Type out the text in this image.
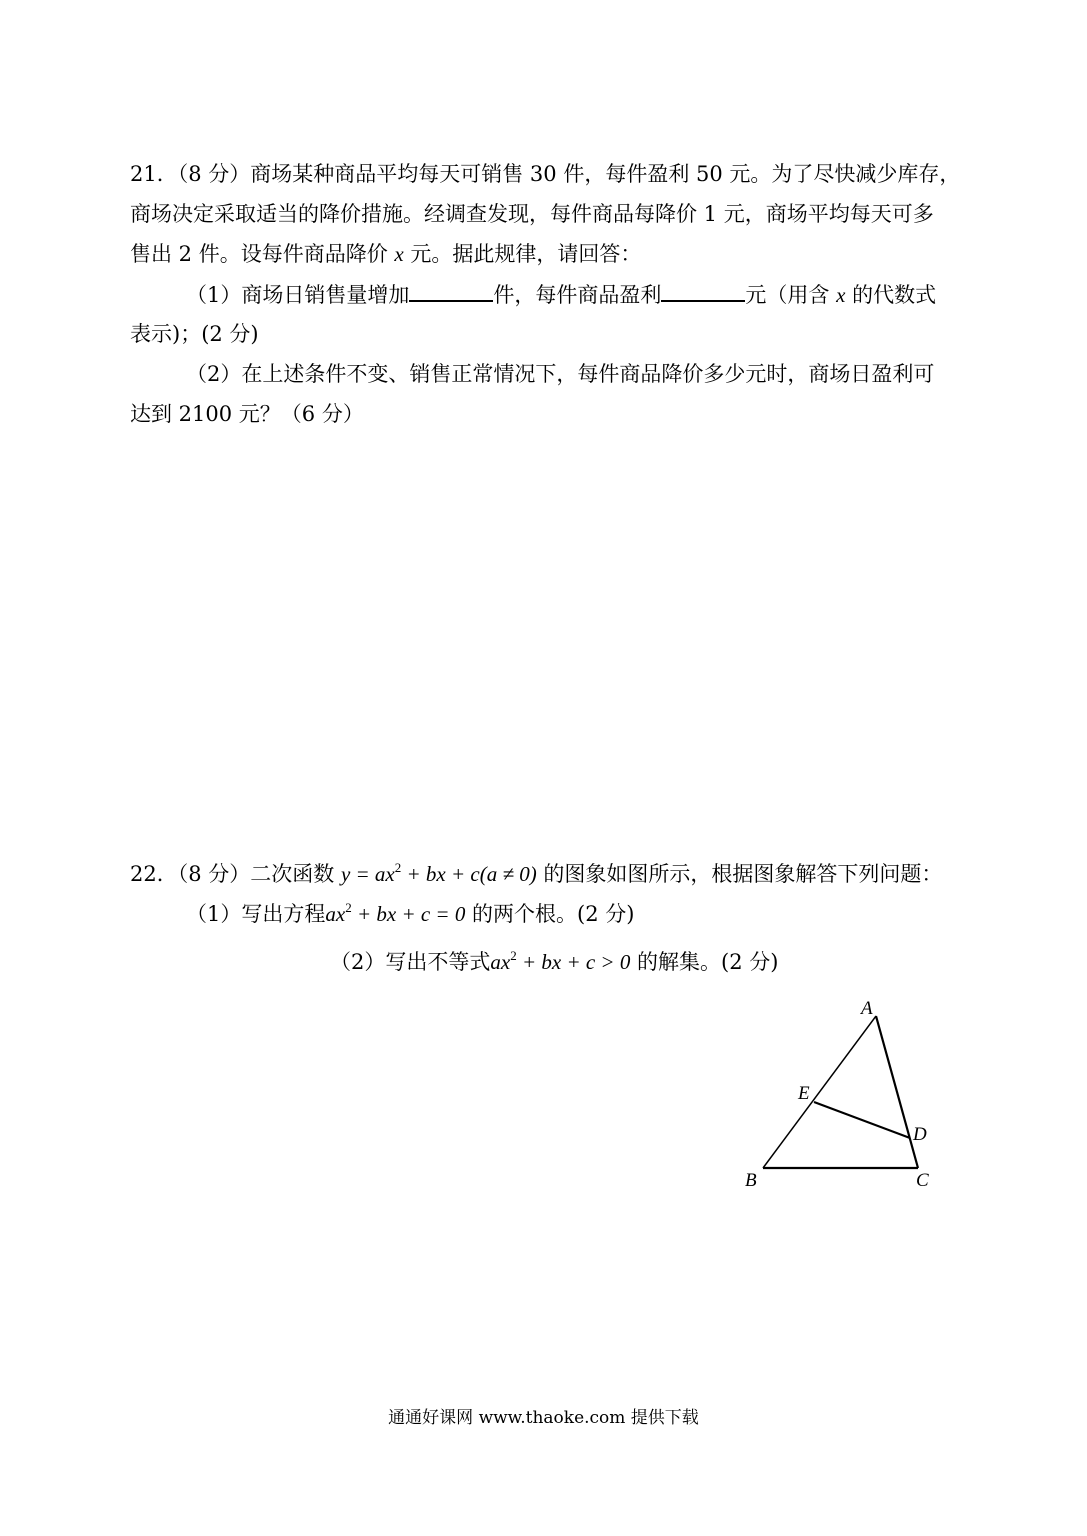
21．（8 分）商场某种商品平均每天可销售 30 件，每件盈利 50 元。为了尽快减少库存，
商场决定采取适当的降价措施。经调查发现，每件商品每降价 1 元，商场平均每天可多
售出 2 件。设每件商品降价 x 元。据此规律，请回答：
（1）商场日销售量增加	件，每件商品盈利	元（用含 x 的代数式
表示)；(2 分)
（2）在上述条件不变、销售正常情况下，每件商品降价多少元时，商场日盈利可
达到 2100 元？（6 分）
22．（8 分）二次函数 $y = ax^2$ + bx + c(a ≠ 0) 的图象如图所示，根据图象解答下列问题：
（1）写出方程$ax^2$ + bx + c = 0 的两个根。(2 分)
（2）写出不等式$ax^2$ + bx + c > 0 的解集。(2 分)
A
E
D
B	C
通通好课网 www.thaoke.com 提供下载
